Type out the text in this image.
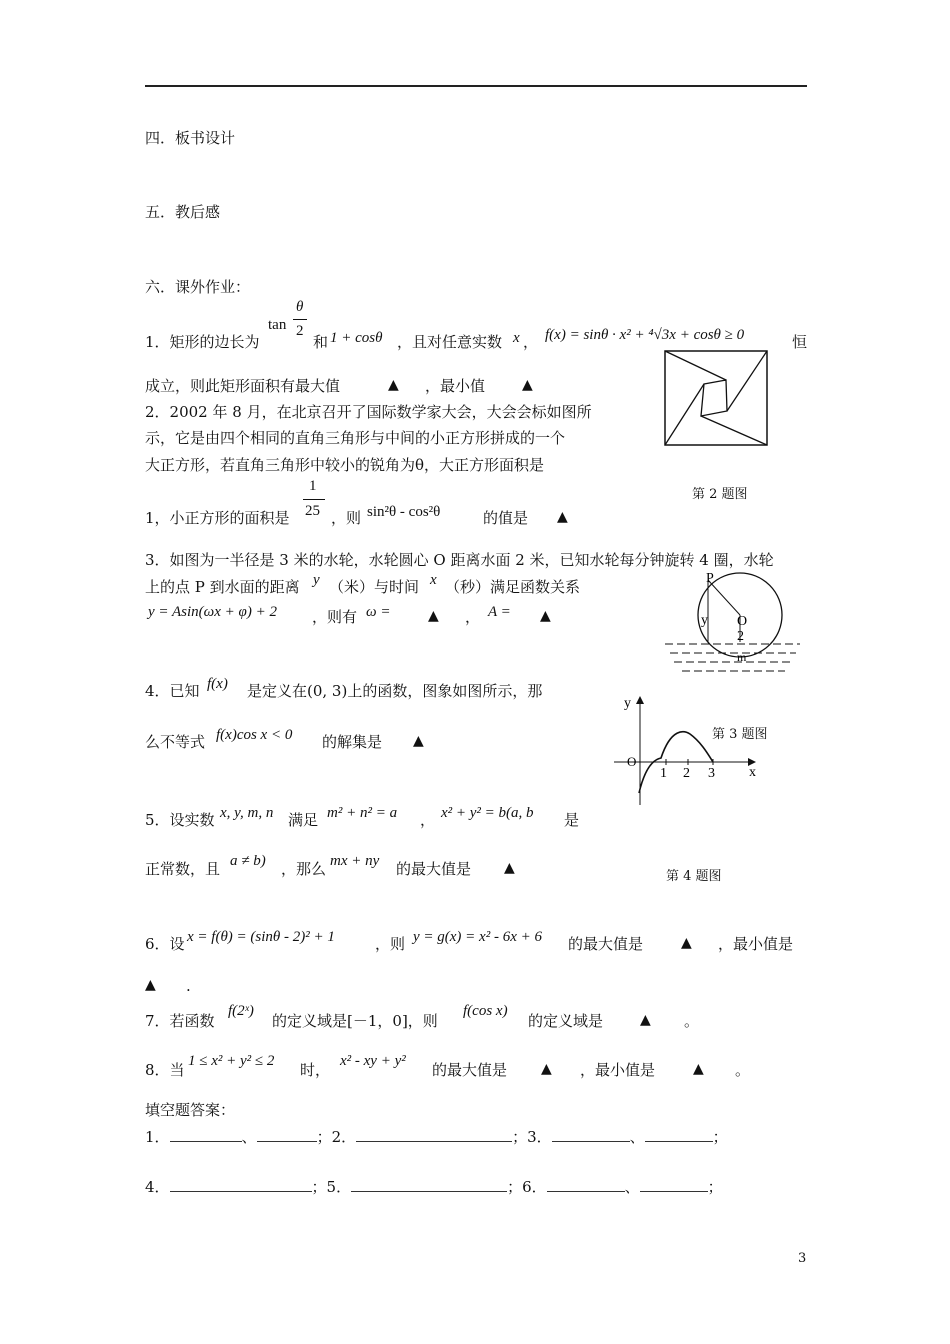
四．板书设计
五．教后感
六．课外作业：
1．矩形的边长为
tan
θ
2
和 1 + cosθ ，且对任意实数 x ， f(x) = sinθ · x² + ⁴√3x + cosθ ≥ 0	恒
成立，则此矩形面积有最大值	▲ ，最小值	▲
2．2002 年 8 月，在北京召开了国际数学家大会，大会会标如图所
示，它是由四个相同的直角三角形与中间的小正方形拼成的一个
大正方形，若直角三角形中较小的锐角为θ，大正方形面积是
1，小正方形的面积是
1
25 ，则 sin²θ - cos²θ	的值是 ▲
第 2 题图
3．如图为一半径是 3 米的水轮，水轮圆心 O 距离水面 2 米，已知水轮每分钟旋转 4 圈，水轮
上的点 P 到水面的距离 y （米）与时间 x （秒）满足函数关系
y = Asin(ωx + φ) + 2 ，则有 ω =	▲ ， A = ▲
P
y O
2
m
4．已知 f(x) 是定义在(0, 3)上的函数，图象如图所示，那
么不等式 f(x)cos x < 0 的解集是 ▲	第 3 题图
第 4 题图
y
x
O
1 2 3
5．设实数 x, y, m, n 满足 m² + n² = a ， x² + y² = b(a, b 是
正常数，且 a ≠ b) ，那么 mx + ny 的最大值是 ▲
6．设 x = f(θ) = (sinθ - 2)² + 1	，则 y = g(x) = x² - 6x + 6 的最大值是	▲ ，最小值是
▲ .
7．若函数
f(2ˣ)
的定义域是[－1，0]，则
f(cos x)
的定义域是	▲ 。
8．当 1 ≤ x² + y² ≤ 2 时， x² - xy + y² 的最大值是 ▲ ，最小值是	▲ 。
填空题答案：
1．	、	；2．	；3．	、	；
4．	；5．	；6．	、	；
3
